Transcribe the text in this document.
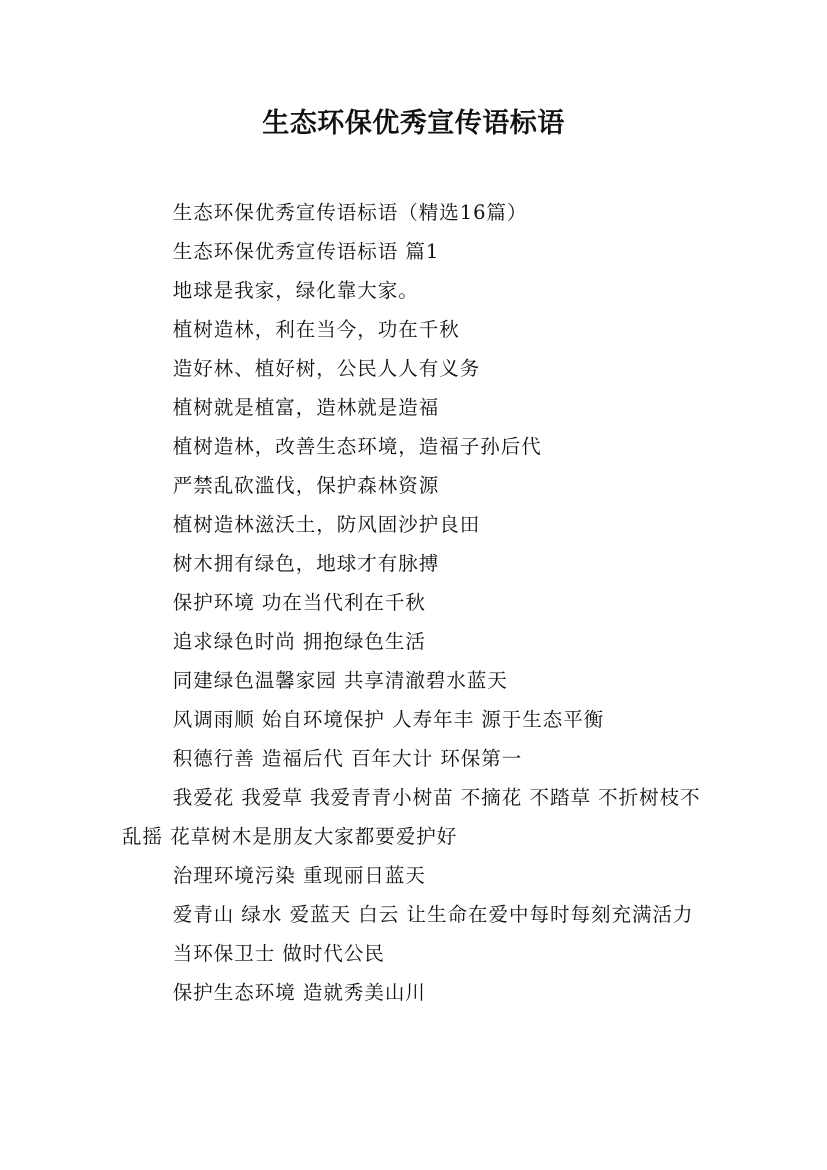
生态环保优秀宣传语标语

生态环保优秀宣传语标语（精选16篇）

生态环保优秀宣传语标语 篇1

地球是我家，绿化靠大家。

植树造林，利在当今，功在千秋

造好林、植好树，公民人人有义务

植树就是植富，造林就是造福

植树造林，改善生态环境，造福子孙后代

严禁乱砍滥伐，保护森林资源

植树造林滋沃土，防风固沙护良田

树木拥有绿色，地球才有脉搏

保护环境 功在当代利在千秋

追求绿色时尚 拥抱绿色生活

同建绿色温馨家园 共享清澈碧水蓝天

风调雨顺 始自环境保护 人寿年丰 源于生态平衡

积德行善 造福后代 百年大计 环保第一

我爱花 我爱草 我爱青青小树苗 不摘花 不踏草 不折树枝不乱摇 花草树木是朋友大家都要爱护好

治理环境污染 重现丽日蓝天

爱青山 绿水 爱蓝天 白云 让生命在爱中每时每刻充满活力

当环保卫士 做时代公民

保护生态环境 造就秀美山川
